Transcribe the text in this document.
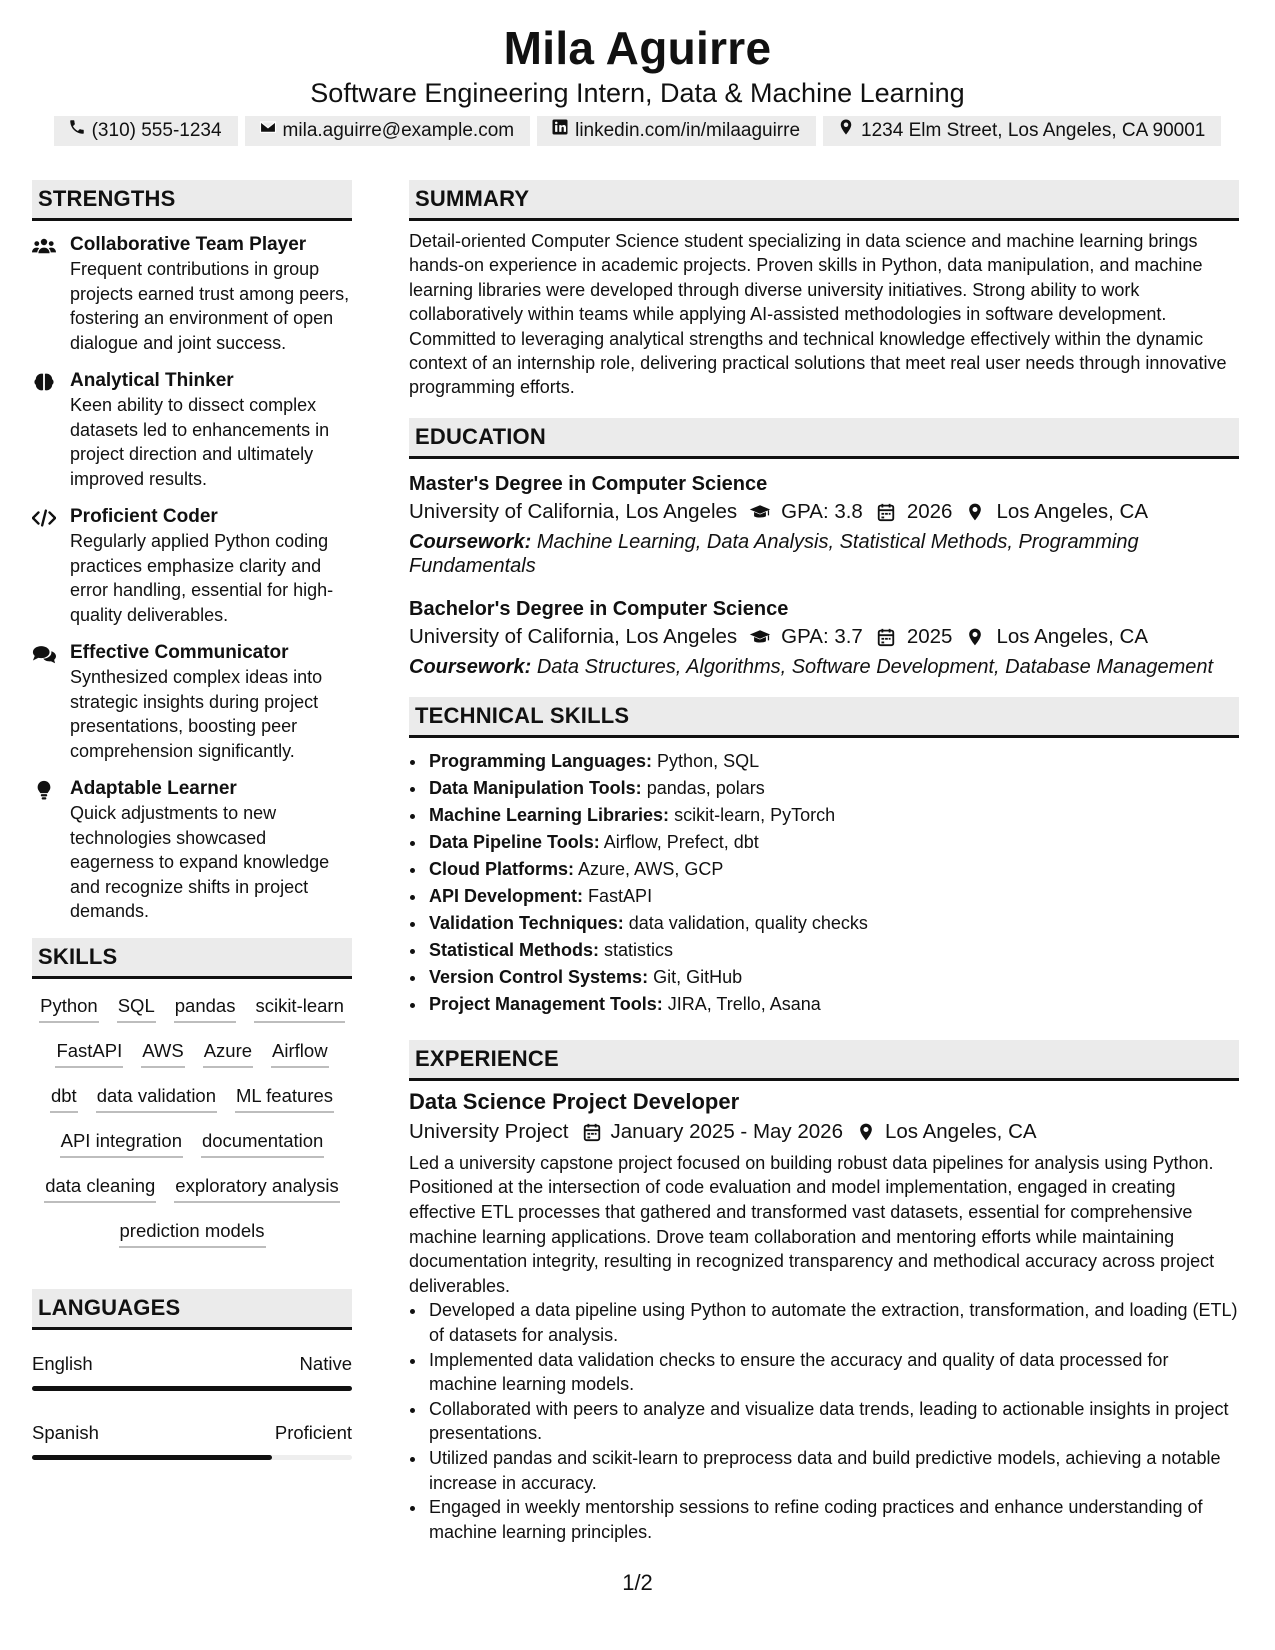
Mila Aguirre
Software Engineering Intern, Data & Machine Learning
(310) 555-1234	mila.aguirre@example.com	linkedin.com/in/milaaguirre	1234 Elm Street, Los Angeles, CA 90001
STRENGTHS
Collaborative Team Player
Frequent contributions in group projects earned trust among peers, fostering an environment of open dialogue and joint success.
Analytical Thinker
Keen ability to dissect complex datasets led to enhancements in project direction and ultimately improved results.
Proficient Coder
Regularly applied Python coding practices emphasize clarity and error handling, essential for high-quality deliverables.
Effective Communicator
Synthesized complex ideas into strategic insights during project presentations, boosting peer comprehension significantly.
Adaptable Learner
Quick adjustments to new technologies showcased eagerness to expand knowledge and recognize shifts in project demands.
SKILLS
Python SQL pandas scikit-learn
FastAPI AWS Azure Airflow
dbt data validation ML features
API integration documentation
data cleaning exploratory analysis
prediction models
LANGUAGES
English	Native
Spanish	Proficient
SUMMARY
Detail-oriented Computer Science student specializing in data science and machine learning brings hands-on experience in academic projects. Proven skills in Python, data manipulation, and machine learning libraries were developed through diverse university initiatives. Strong ability to work collaboratively within teams while applying AI-assisted methodologies in software development. Committed to leveraging analytical strengths and technical knowledge effectively within the dynamic context of an internship role, delivering practical solutions that meet real user needs through innovative programming efforts.
EDUCATION
Master's Degree in Computer Science
University of California, Los Angeles GPA: 3.8 2026 Los Angeles, CA
Coursework: Machine Learning, Data Analysis, Statistical Methods, Programming Fundamentals
Bachelor's Degree in Computer Science
University of California, Los Angeles GPA: 3.7 2025 Los Angeles, CA
Coursework: Data Structures, Algorithms, Software Development, Database Management
TECHNICAL SKILLS
• Programming Languages: Python, SQL
• Data Manipulation Tools: pandas, polars
• Machine Learning Libraries: scikit-learn, PyTorch
• Data Pipeline Tools: Airflow, Prefect, dbt
• Cloud Platforms: Azure, AWS, GCP
• API Development: FastAPI
• Validation Techniques: data validation, quality checks
• Statistical Methods: statistics
• Version Control Systems: Git, GitHub
• Project Management Tools: JIRA, Trello, Asana
EXPERIENCE
Data Science Project Developer
University Project January 2025 - May 2026 Los Angeles, CA
Led a university capstone project focused on building robust data pipelines for analysis using Python. Positioned at the intersection of code evaluation and model implementation, engaged in creating effective ETL processes that gathered and transformed vast datasets, essential for comprehensive machine learning applications. Drove team collaboration and mentoring efforts while maintaining documentation integrity, resulting in recognized transparency and methodical accuracy across project deliverables.
• Developed a data pipeline using Python to automate the extraction, transformation, and loading (ETL) of datasets for analysis.
• Implemented data validation checks to ensure the accuracy and quality of data processed for machine learning models.
• Collaborated with peers to analyze and visualize data trends, leading to actionable insights in project presentations.
• Utilized pandas and scikit-learn to preprocess data and build predictive models, achieving a notable increase in accuracy.
• Engaged in weekly mentorship sessions to refine coding practices and enhance understanding of machine learning principles.
1/2
